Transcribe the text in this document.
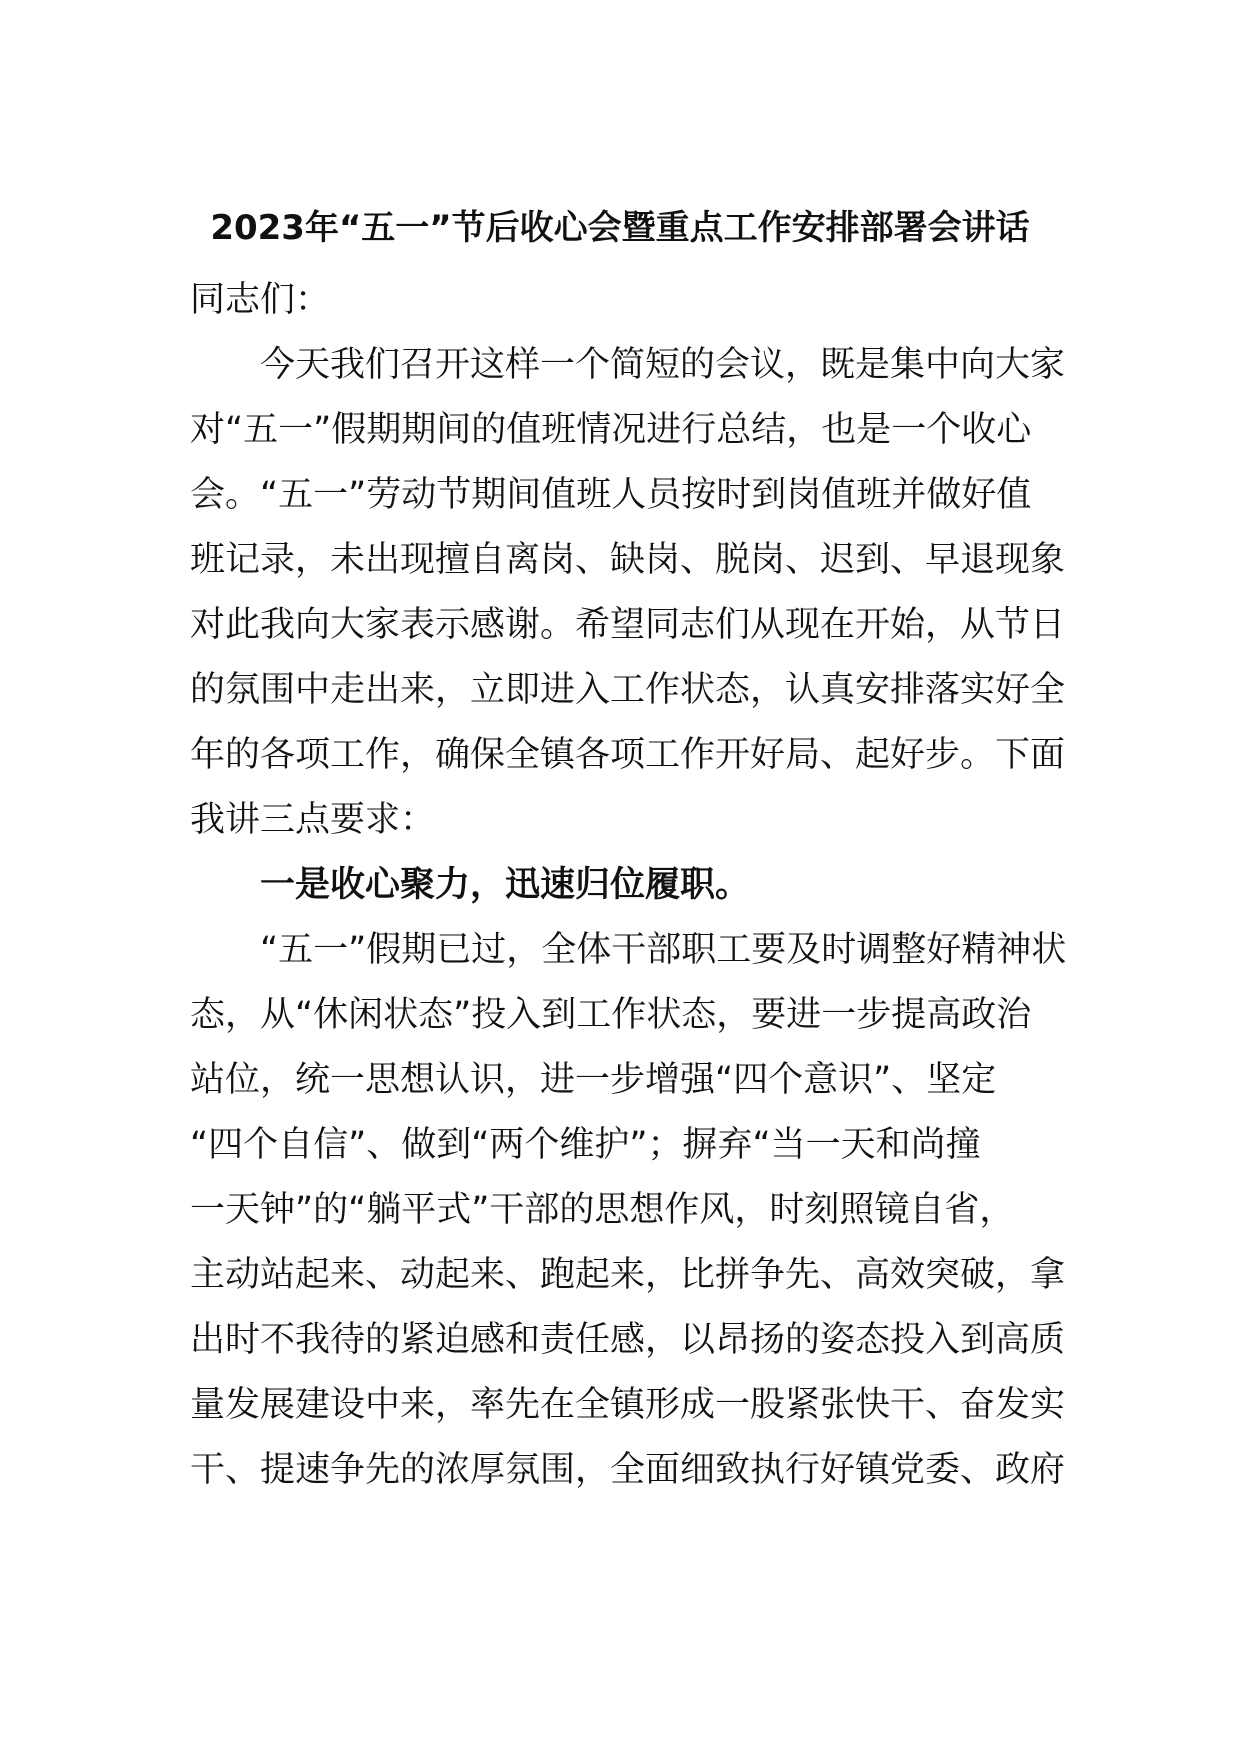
2023年“五一”节后收心会暨重点工作安排部署会讲话
同志们：
今天我们召开这样一个简短的会议，既是集中向大家
对“五一”假期期间的值班情况进行总结，也是一个收心
会。“五一”劳动节期间值班人员按时到岗值班并做好值
班记录，未出现擅自离岗、缺岗、脱岗、迟到、早退现象
对此我向大家表示感谢。希望同志们从现在开始，从节日
的氛围中走出来，立即进入工作状态，认真安排落实好全
年的各项工作，确保全镇各项工作开好局、起好步。下面
我讲三点要求：
一是收心聚力，迅速归位履职。
“五一”假期已过，全体干部职工要及时调整好精神状
态，从“休闲状态”投入到工作状态，要进一步提高政治
站位，统一思想认识，进一步增强“四个意识”、坚定
“四个自信”、做到“两个维护”；摒弃“当一天和尚撞
一天钟”的“躺平式”干部的思想作风，时刻照镜自省，
主动站起来、动起来、跑起来，比拼争先、高效突破，拿
出时不我待的紧迫感和责任感，以昂扬的姿态投入到高质
量发展建设中来，率先在全镇形成一股紧张快干、奋发实
干、提速争先的浓厚氛围，全面细致执行好镇党委、政府
